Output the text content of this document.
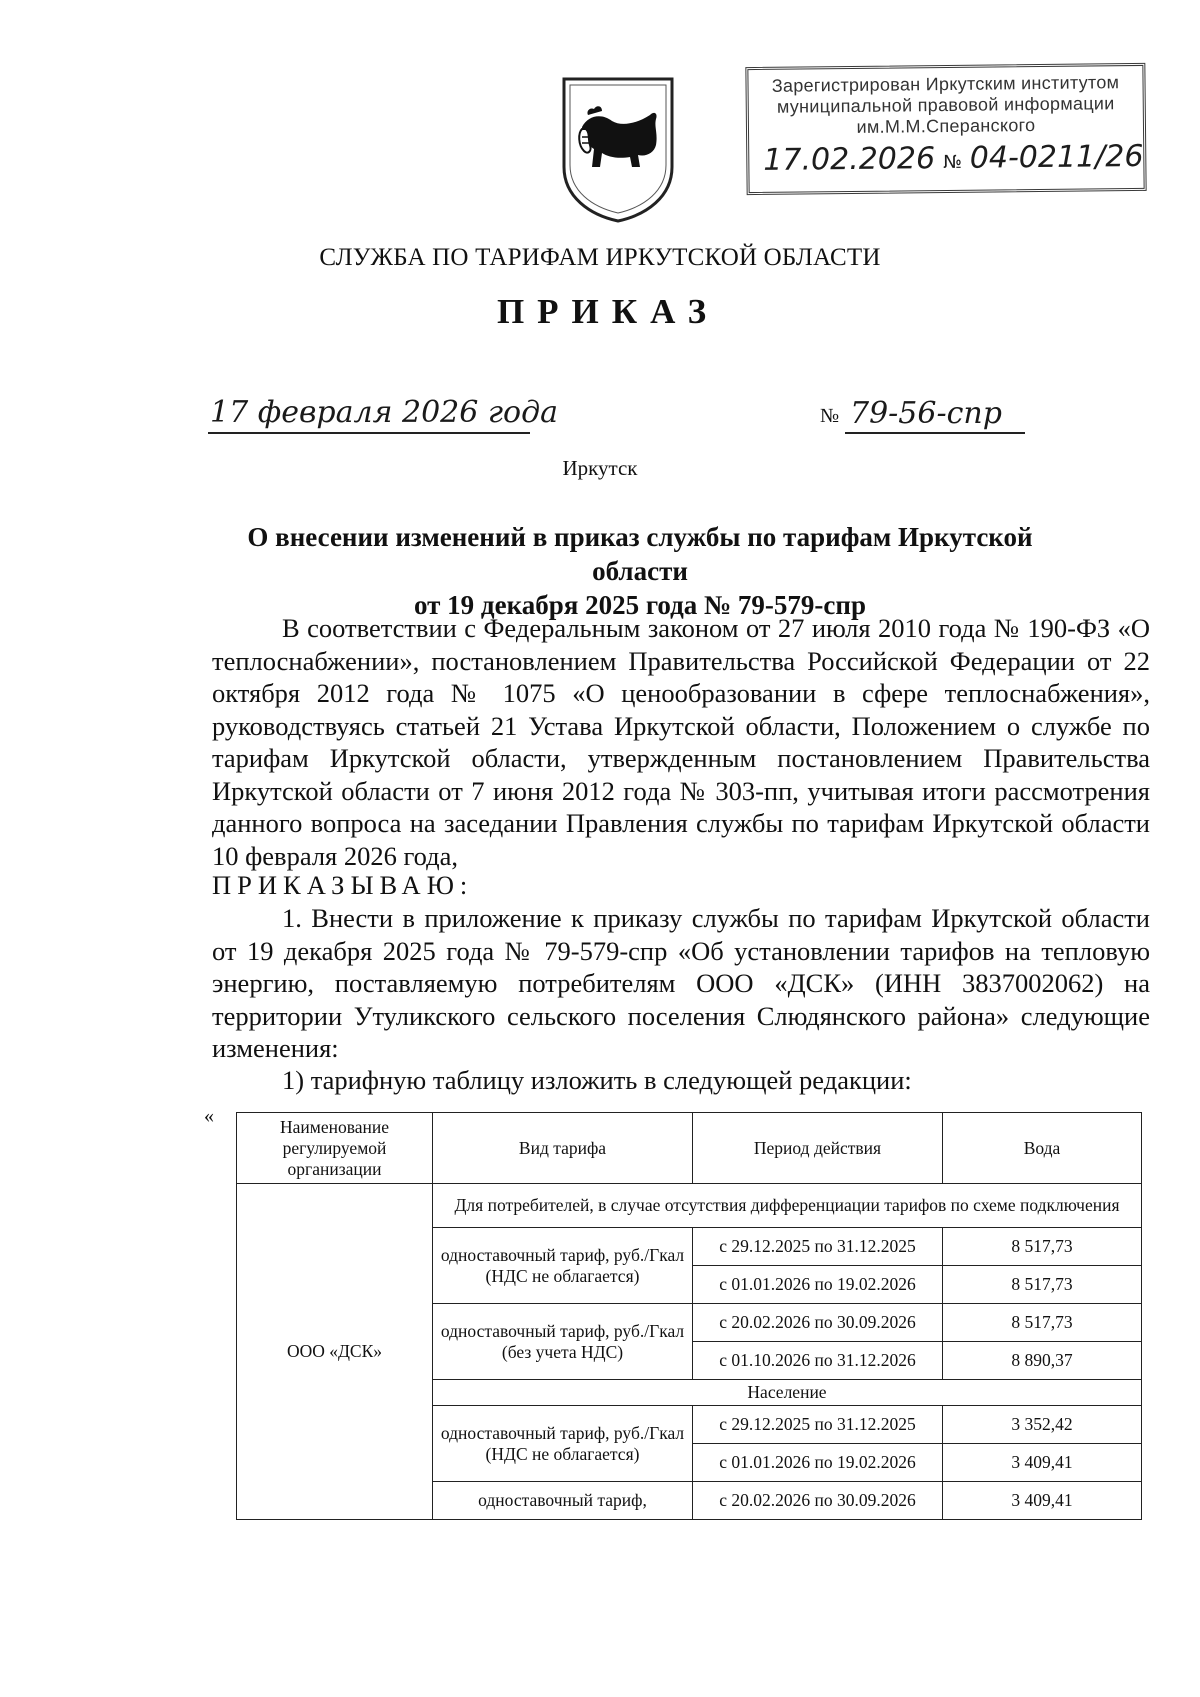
Зарегистрирован Иркутским институтом
муниципальной правовой информации
им.М.М.Сперанского
17.02.2026 № 04-0211/26
СЛУЖБА ПО ТАРИФАМ ИРКУТСКОЙ ОБЛАСТИ
ПРИКАЗ
17 февраля 2026 года	№ 79-56-спр
Иркутск
О внесении изменений в приказ службы по тарифам Иркутской области
от 19 декабря 2025 года № 79-579-спр
В соответствии с Федеральным законом от 27 июля 2010 года № 190-ФЗ «О теплоснабжении», постановлением Правительства Российской Федерации от 22 октября 2012 года № 1075 «О ценообразовании в сфере теплоснабжения», руководствуясь статьей 21 Устава Иркутской области, Положением о службе по тарифам Иркутской области, утвержденным постановлением Правительства Иркутской области от 7 июня 2012 года № 303-пп, учитывая итоги рассмотрения данного вопроса на заседании Правления службы по тарифам Иркутской области 10 февраля 2026 года,
ПРИКАЗЫВАЮ:
1. Внести в приложение к приказу службы по тарифам Иркутской области от 19 декабря 2025 года № 79-579-спр «Об установлении тарифов на тепловую энергию, поставляемую потребителям ООО «ДСК» (ИНН 3837002062) на территории Утуликского сельского поселения Слюдянского района» следующие изменения:
1) тарифную таблицу изложить в следующей редакции:
«	Наименование регулируемой организации	Вид тарифа	Период действия	Вода
ООО «ДСК»	Для потребителей, в случае отсутствия дифференциации тарифов по схеме подключения		
	одноставочный тариф, руб./Гкал (НДС не облагается)	с 29.12.2025 по 31.12.2025	8 517,73
		с 01.01.2026 по 19.02.2026	8 517,73
	одноставочный тариф, руб./Гкал (без учета НДС)	с 20.02.2026 по 30.09.2026	8 517,73
		с 01.10.2026 по 31.12.2026	8 890,37
	Население		
	одноставочный тариф, руб./Гкал (НДС не облагается)	с 29.12.2025 по 31.12.2025	3 352,42
		с 01.01.2026 по 19.02.2026	3 409,41
	одноставочный тариф,	с 20.02.2026 по 30.09.2026	3 409,41
